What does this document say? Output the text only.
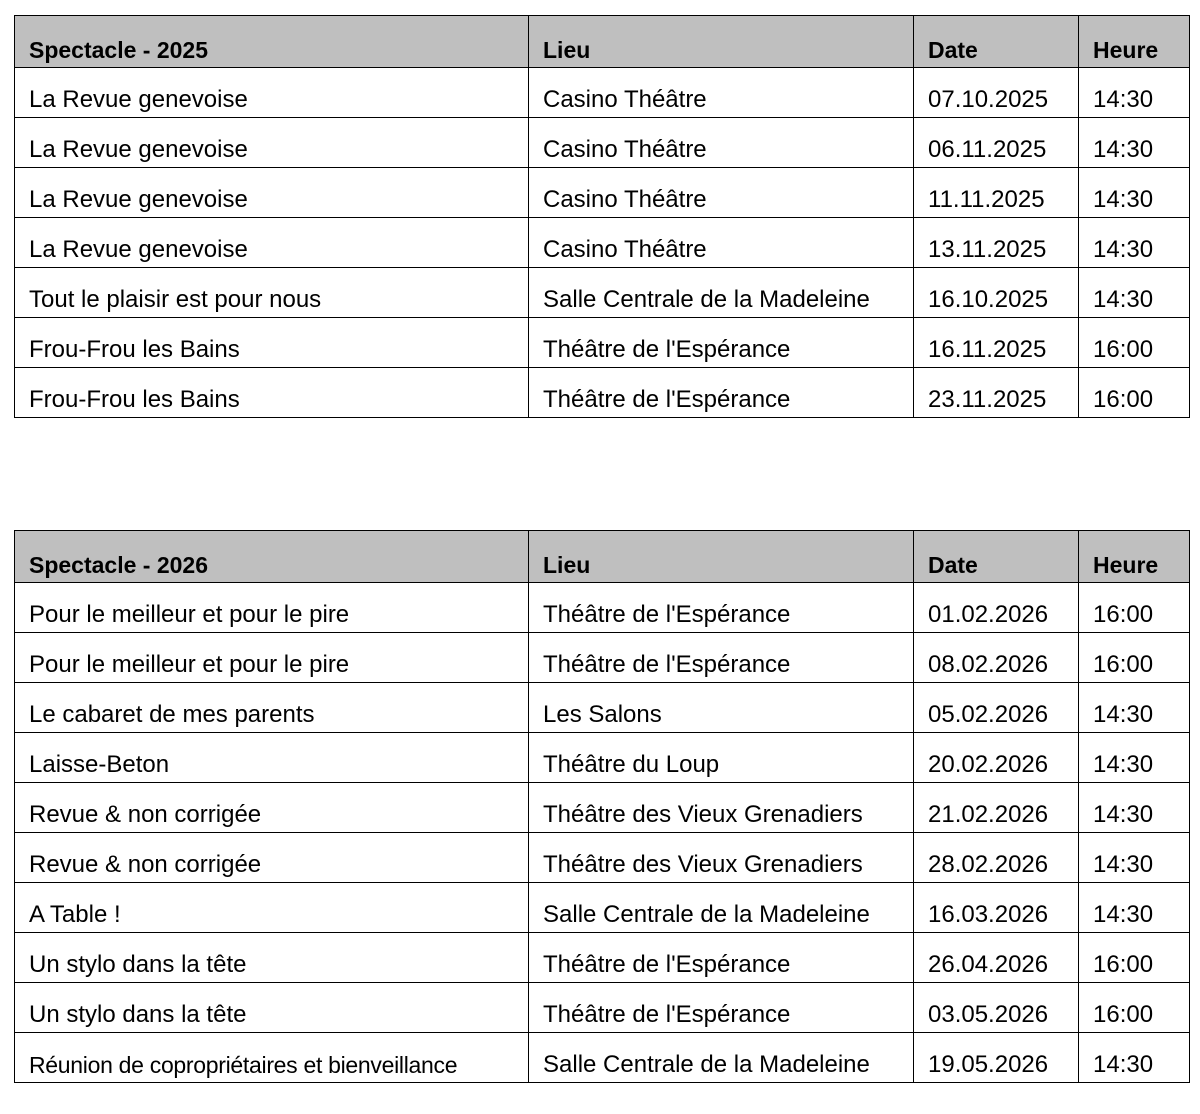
Spectacle - 2025	Lieu	Date	Heure
La Revue genevoise	Casino Théâtre	07.10.2025	14:30
La Revue genevoise	Casino Théâtre	06.11.2025	14:30
La Revue genevoise	Casino Théâtre	11.11.2025	14:30
La Revue genevoise	Casino Théâtre	13.11.2025	14:30
Tout le plaisir est pour nous	Salle Centrale de la Madeleine	16.10.2025	14:30
Frou-Frou les Bains	Théâtre de l'Espérance	16.11.2025	16:00
Frou-Frou les Bains	Théâtre de l'Espérance	23.11.2025	16:00
Spectacle - 2026	Lieu	Date	Heure
Pour le meilleur et pour le pire	Théâtre de l'Espérance	01.02.2026	16:00
Pour le meilleur et pour le pire	Théâtre de l'Espérance	08.02.2026	16:00
Le cabaret de mes parents	Les Salons	05.02.2026	14:30
Laisse-Beton	Théâtre du Loup	20.02.2026	14:30
Revue & non corrigée	Théâtre des Vieux Grenadiers	21.02.2026	14:30
Revue & non corrigée	Théâtre des Vieux Grenadiers	28.02.2026	14:30
A Table !	Salle Centrale de la Madeleine	16.03.2026	14:30
Un stylo dans la tête	Théâtre de l'Espérance	26.04.2026	16:00
Un stylo dans la tête	Théâtre de l'Espérance	03.05.2026	16:00
Réunion de copropriétaires et bienveillance	Salle Centrale de la Madeleine	19.05.2026	14:30
